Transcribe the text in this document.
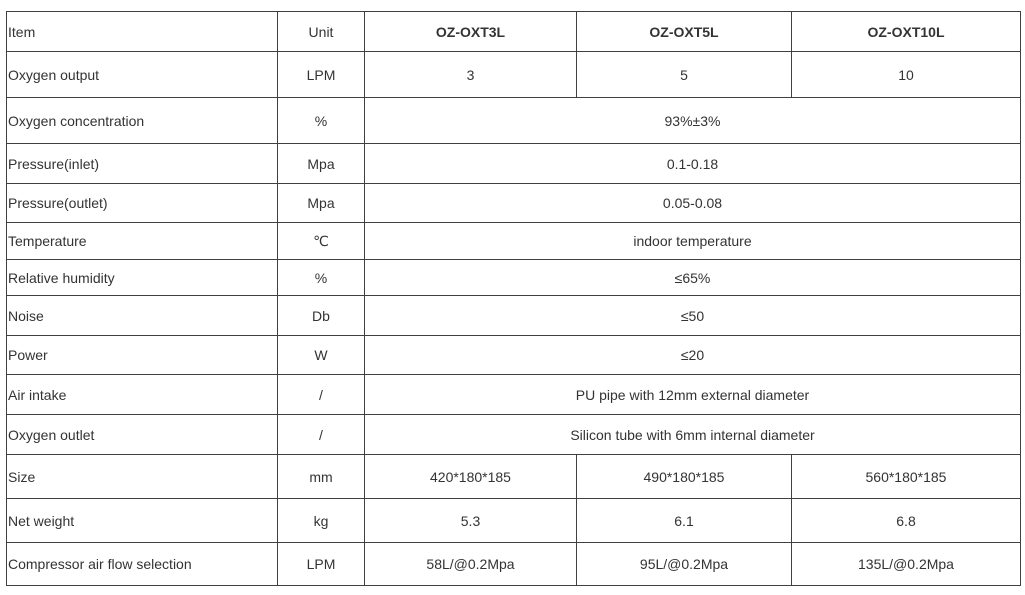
Item	Unit	OZ-OXT3L	OZ-OXT5L	OZ-OXT10L
Oxygen output	LPM	3	5	10
Oxygen concentration	%	93%±3%		
Pressure(inlet)	Mpa	0.1-0.18		
Pressure(outlet)	Mpa	0.05-0.08		
Temperature	℃	indoor temperature		
Relative humidity	%	≤65%		
Noise	Db	≤50		
Power	W	≤20		
Air intake	/	PU pipe with 12mm external diameter		
Oxygen outlet	/	Silicon tube with 6mm internal diameter		
Size	mm	420*180*185	490*180*185	560*180*185
Net weight	kg	5.3	6.1	6.8
Compressor air flow selection	LPM	58L/@0.2Mpa	95L/@0.2Mpa	135L/@0.2Mpa
